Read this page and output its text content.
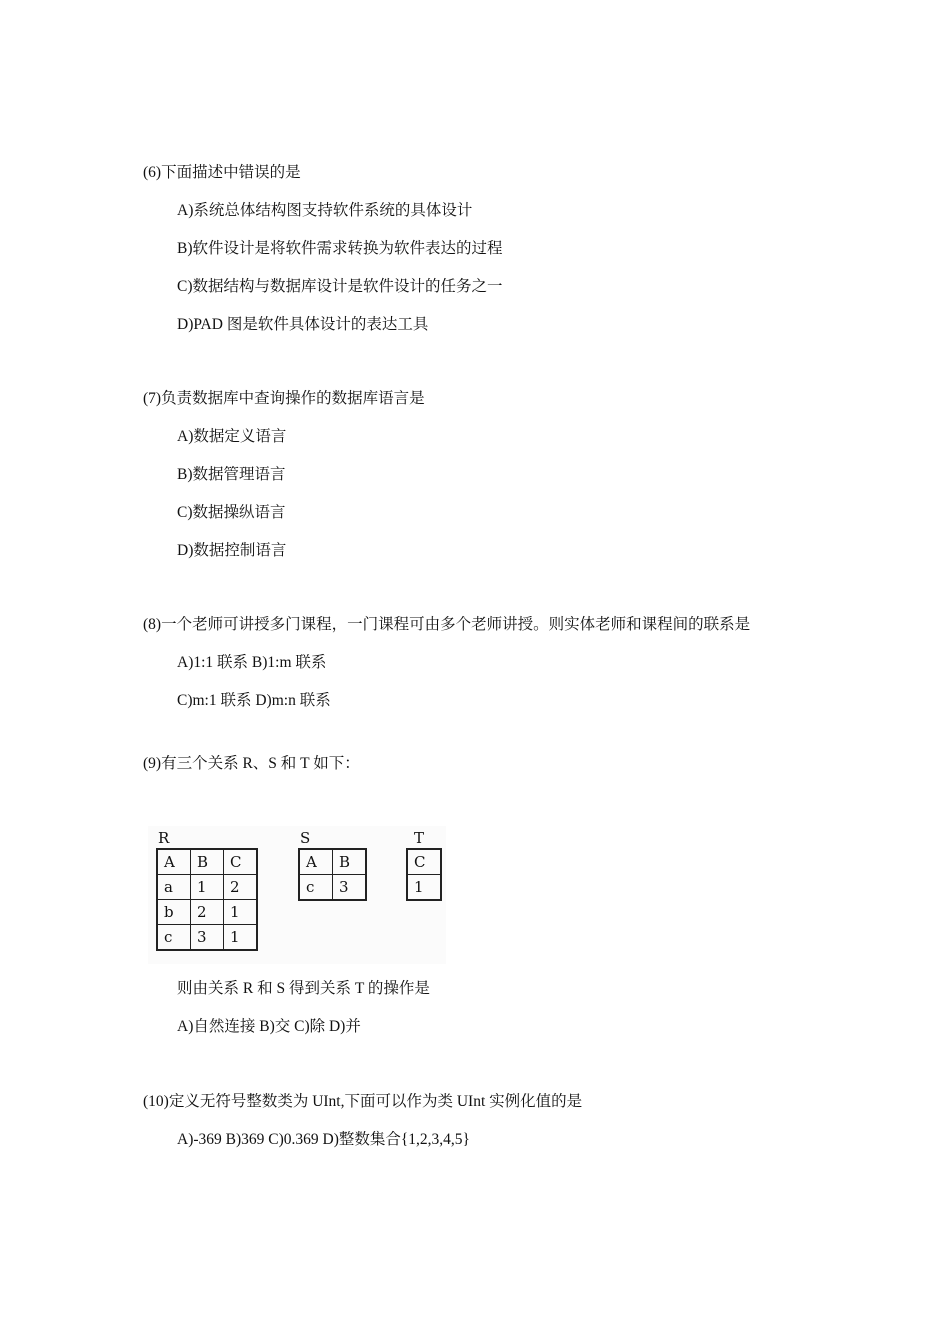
(6)下面描述中错误的是
A)系统总体结构图支持软件系统的具体设计
B)软件设计是将软件需求转换为软件表达的过程
C)数据结构与数据库设计是软件设计的任务之一
D)PAD 图是软件具体设计的表达工具
(7)负责数据库中查询操作的数据库语言是
A)数据定义语言
B)数据管理语言
C)数据操纵语言
D)数据控制语言
(8)一个老师可讲授多门课程，一门课程可由多个老师讲授。则实体老师和课程间的联系是
A)1:1 联系 B)1:m 联系
C)m:1 联系 D)m:n 联系
(9)有三个关系 R、S 和 T 如下：
R
A	B	C
a	1	2
b	2	1
c	3	1
S
A	B
c	3
T
C
1
则由关系 R 和 S 得到关系 T 的操作是
A)自然连接 B)交 C)除 D)并
(10)定义无符号整数类为 UInt,下面可以作为类 UInt 实例化值的是
A)-369 B)369 C)0.369 D)整数集合{1,2,3,4,5}
